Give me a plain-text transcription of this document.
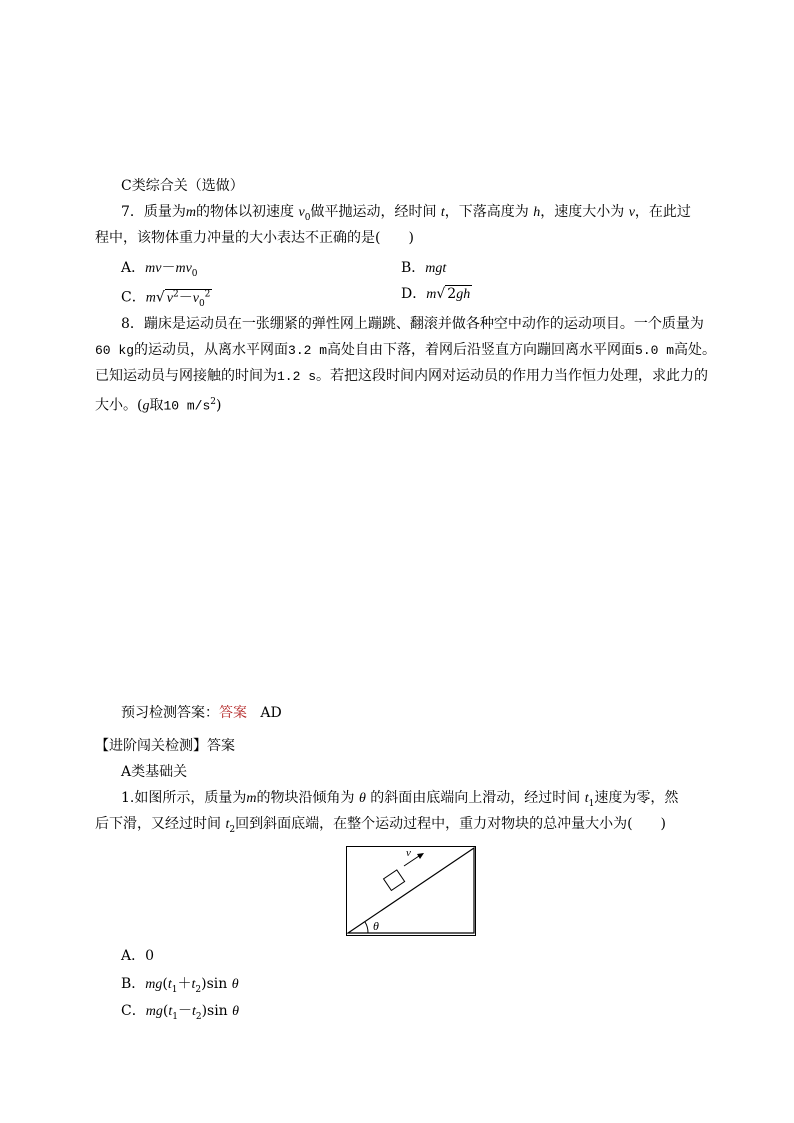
C类综合关（选做）
7．质量为m的物体以初速度 $v_0$做平抛运动，经时间 t，下落高度为 h，速度大小为 v，在此过
程中，该物体重力冲量的大小表达不正确的是(　　)
A．$mv-mv_0$	B．mgt
C．m√ $v^2-v_0^2$	D．m√ 2gh
8．蹦床是运动员在一张绷紧的弹性网上蹦跳、翻滚并做各种空中动作的运动项目。一个质量为
60 kg的运动员，从离水平网面3.2 m高处自由下落，着网后沿竖直方向蹦回离水平网面5.0 m高处。
已知运动员与网接触的时间为1.2 s。若把这段时间内网对运动员的作用力当作恒力处理，求此力的
大小。(g取10 $m/s^2$)
预习检测答案：答案 AD
【进阶闯关检测】答案
A类基础关
1.如图所示，质量为m的物块沿倾角为 θ 的斜面由底端向上滑动，经过时间 $t_1$速度为零，然
后下滑，又经过时间 $t_2$回到斜面底端，在整个运动过程中，重力对物块的总冲量大小为(　　)
v
θ
A．0
B．$mg(t_1+t_2)\sin$ θ
C．$mg(t_1-t_2)\sin$ θ
